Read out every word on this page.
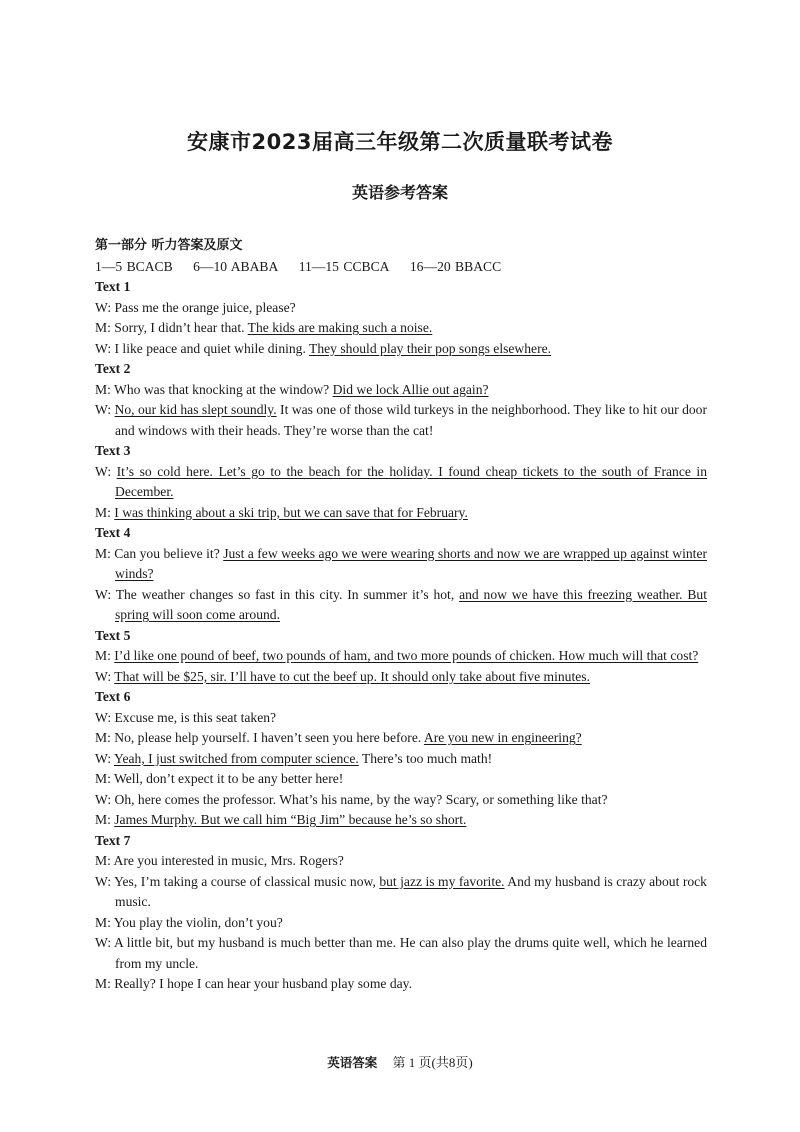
安康市2023届高三年级第二次质量联考试卷
英语参考答案
第一部分 听力答案及原文
1—5 BCACB 6—10 ABABA 11—15 CCBCA 16—20 BBACC
Text 1
W: Pass me the orange juice, please?
M: Sorry, I didn’t hear that. The kids are making such a noise.
W: I like peace and quiet while dining. They should play their pop songs elsewhere.
Text 2
M: Who was that knocking at the window? Did we lock Allie out again?
W: No, our kid has slept soundly. It was one of those wild turkeys in the neighborhood. They like to hit our door and windows with their heads. They’re worse than the cat!
Text 3
W: It’s so cold here. Let’s go to the beach for the holiday. I found cheap tickets to the south of France in December.
M: I was thinking about a ski trip, but we can save that for February.
Text 4
M: Can you believe it? Just a few weeks ago we were wearing shorts and now we are wrapped up against winter winds?
W: The weather changes so fast in this city. In summer it’s hot, and now we have this freezing weather. But spring will soon come around.
Text 5
M: I’d like one pound of beef, two pounds of ham, and two more pounds of chicken. How much will that cost?
W: That will be $25, sir. I’ll have to cut the beef up. It should only take about five minutes.
Text 6
W: Excuse me, is this seat taken?
M: No, please help yourself. I haven’t seen you here before. Are you new in engineering?
W: Yeah, I just switched from computer science. There’s too much math!
M: Well, don’t expect it to be any better here!
W: Oh, here comes the professor. What’s his name, by the way? Scary, or something like that?
M: James Murphy. But we call him “Big Jim” because he’s so short.
Text 7
M: Are you interested in music, Mrs. Rogers?
W: Yes, I’m taking a course of classical music now, but jazz is my favorite. And my husband is crazy about rock music.
M: You play the violin, don’t you?
W: A little bit, but my husband is much better than me. He can also play the drums quite well, which he learned from my uncle.
M: Really? I hope I can hear your husband play some day.
英语答案 第 1 页(共8页)
